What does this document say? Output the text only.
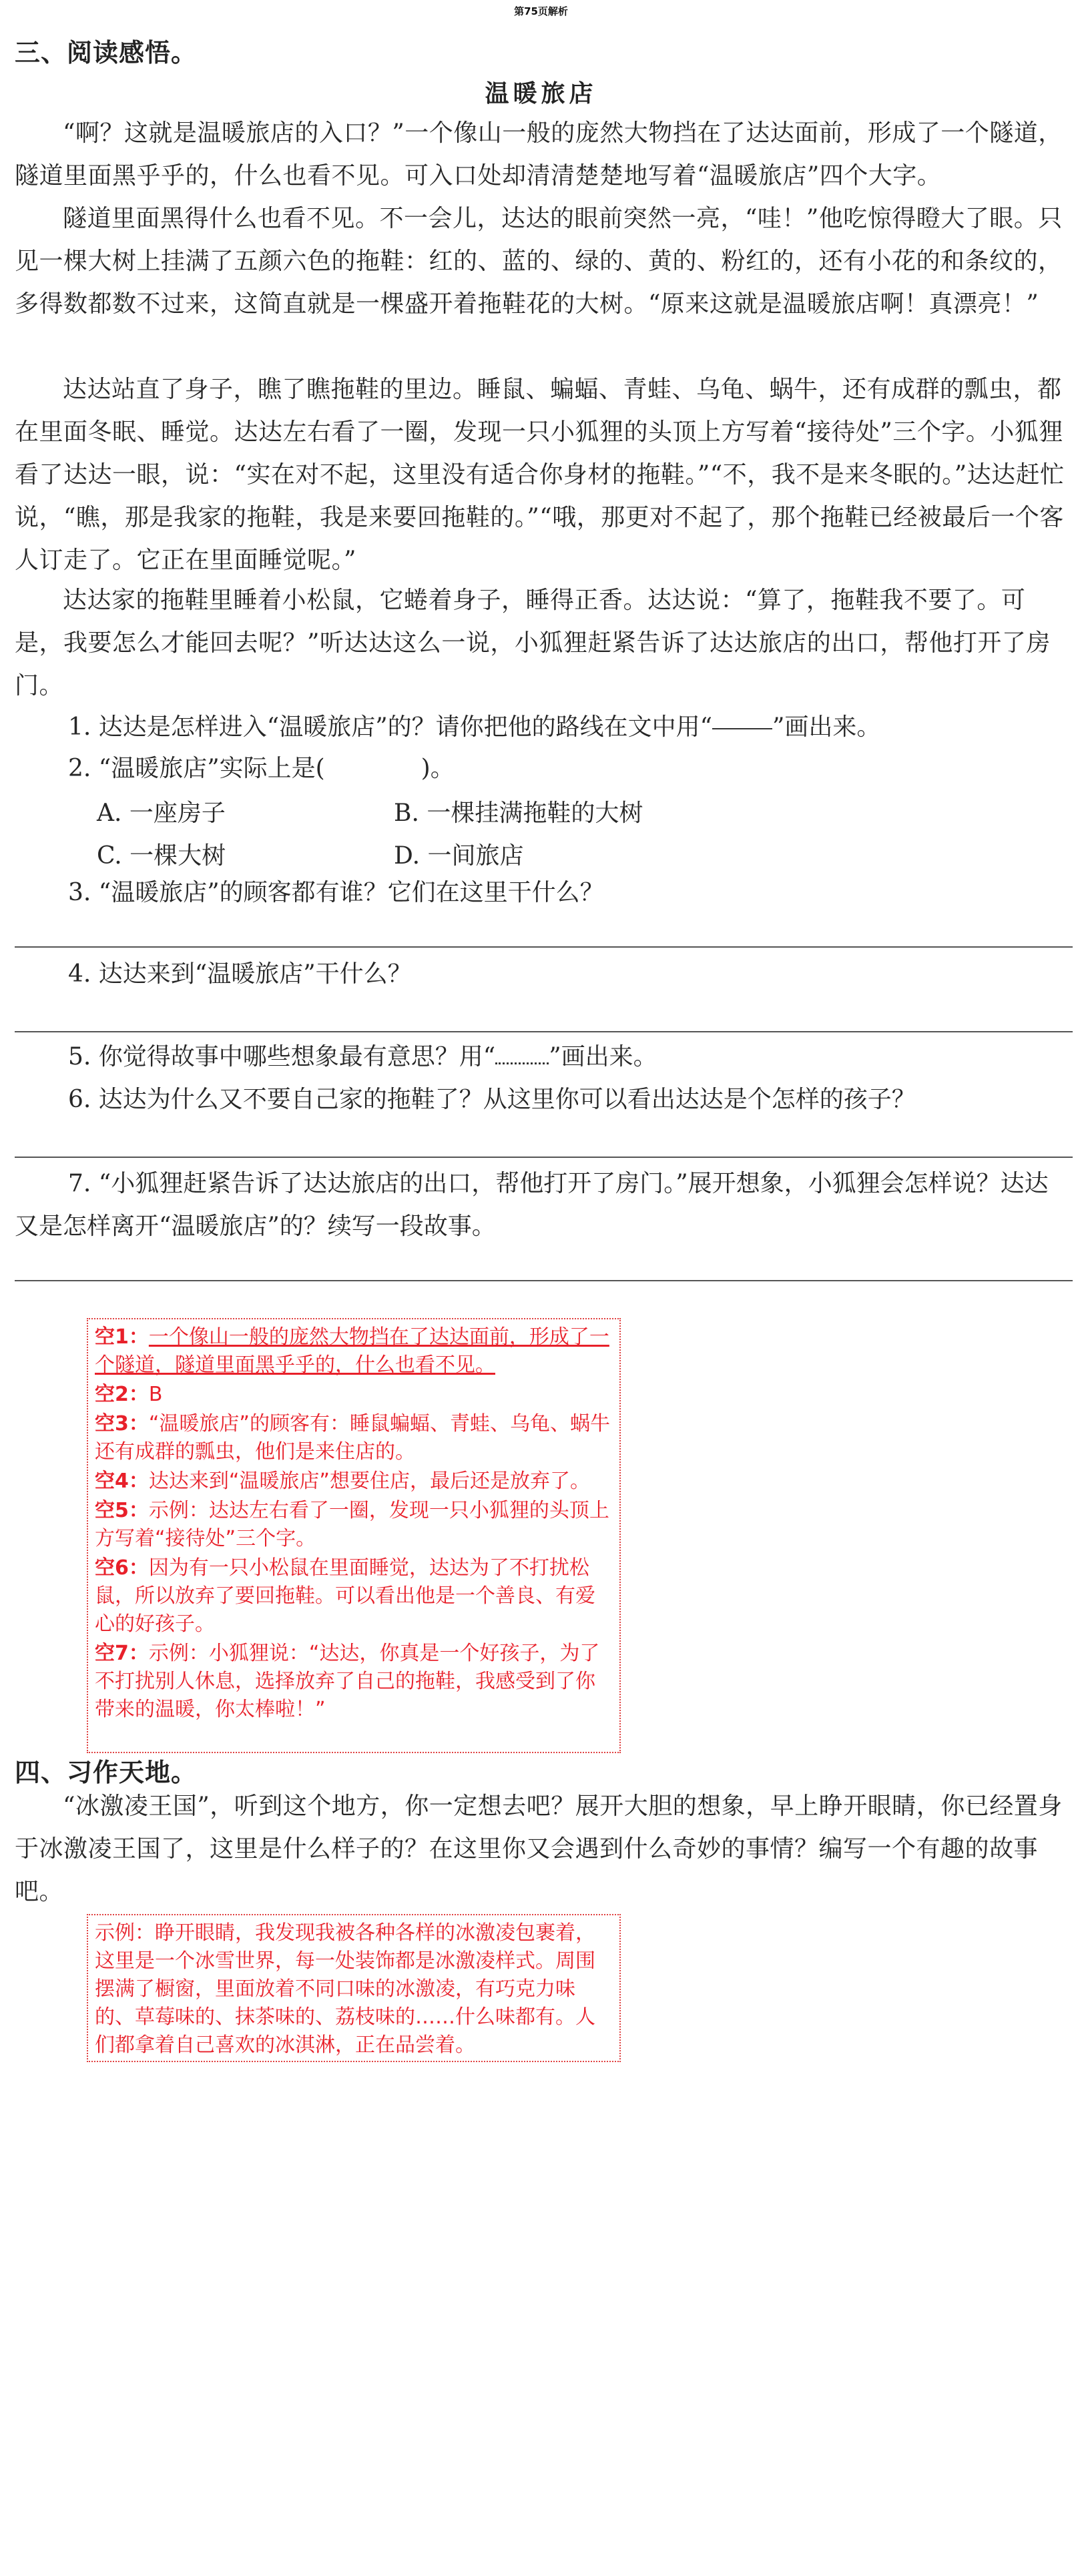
第75页解析
三、阅读感悟。
温暖旅店

“啊？这就是温暖旅店的入口？”一个像山一般的庞然大物挡在了达达面前，形成了一个隧道，隧道里面黑乎乎的，什么也看不见。可入口处却清清楚楚地写着“温暖旅店”四个大字。

隧道里面黑得什么也看不见。不一会儿，达达的眼前突然一亮，“哇！”他吃惊得瞪大了眼。只见一棵大树上挂满了五颜六色的拖鞋：红的、蓝的、绿的、黄的、粉红的，还有小花的和条纹的，多得数都数不过来，这简直就是一棵盛开着拖鞋花的大树。“原来这就是温暖旅店啊！真漂亮！”

达达站直了身子，瞧了瞧拖鞋的里边。睡鼠、蝙蝠、青蛙、乌龟、蜗牛，还有成群的瓢虫，都在里面冬眠、睡觉。达达左右看了一圈，发现一只小狐狸的头顶上方写着“接待处”三个字。小狐狸看了达达一眼，说：“实在对不起，这里没有适合你身材的拖鞋。”“不，我不是来冬眠的。”达达赶忙说，“瞧，那是我家的拖鞋，我是来要回拖鞋的。”“哦，那更对不起了，那个拖鞋已经被最后一个客人订走了。它正在里面睡觉呢。”

达达家的拖鞋里睡着小松鼠，它蜷着身子，睡得正香。达达说：“算了，拖鞋我不要了。可是，我要怎么才能回去呢？”听达达这么一说，小狐狸赶紧告诉了达达旅店的出口，帮他打开了房门。

1. 达达是怎样进入“温暖旅店”的？请你把他的路线在文中用“	”画出来。

2. “温暖旅店”实际上是(　　　　)。

A. 一座房子	B. 一棵挂满拖鞋的大树
C. 一棵大树	D. 一间旅店

3. “温暖旅店”的顾客都有谁？它们在这里干什么？

4. 达达来到“温暖旅店”干什么？

5. 你觉得故事中哪些想象最有意思？用“ ”画出来。

6. 达达为什么又不要自己家的拖鞋了？从这里你可以看出达达是个怎样的孩子？

7. “小狐狸赶紧告诉了达达旅店的出口，帮他打开了房门。”展开想象，小狐狸会怎样说？达达又是怎样离开“温暖旅店”的？续写一段故事。

空1：一个像山一般的庞然大物挡在了达达面前，形成了一个隧道，隧道里面黑乎乎的，什么也看不见。

空2：B

空3：“温暖旅店”的顾客有：睡鼠蝙蝠、青蛙、乌龟、蜗牛还有成群的瓢虫，他们是来住店的。

空4：达达来到“温暖旅店”想要住店，最后还是放弃了。

空5：示例：达达左右看了一圈，发现一只小狐狸的头顶上方写着“接待处”三个字。

空6：因为有一只小松鼠在里面睡觉，达达为了不打扰松鼠，所以放弃了要回拖鞋。可以看出他是一个善良、有爱心的好孩子。

空7：示例：小狐狸说：“达达，你真是一个好孩子，为了不打扰别人休息，选择放弃了自己的拖鞋，我感受到了你带来的温暖，你太棒啦！”

四、习作天地。

“冰激凌王国”，听到这个地方，你一定想去吧？展开大胆的想象，早上睁开眼睛，你已经置身于冰激凌王国了，这里是什么样子的？在这里你又会遇到什么奇妙的事情？编写一个有趣的故事吧。

示例：睁开眼睛，我发现我被各种各样的冰激凌包裹着，这里是一个冰雪世界，每一处装饰都是冰激凌样式。周围摆满了橱窗，里面放着不同口味的冰激凌，有巧克力味的、草莓味的、抹茶味的、荔枝味的……什么味都有。人们都拿着自己喜欢的冰淇淋，正在品尝着。
